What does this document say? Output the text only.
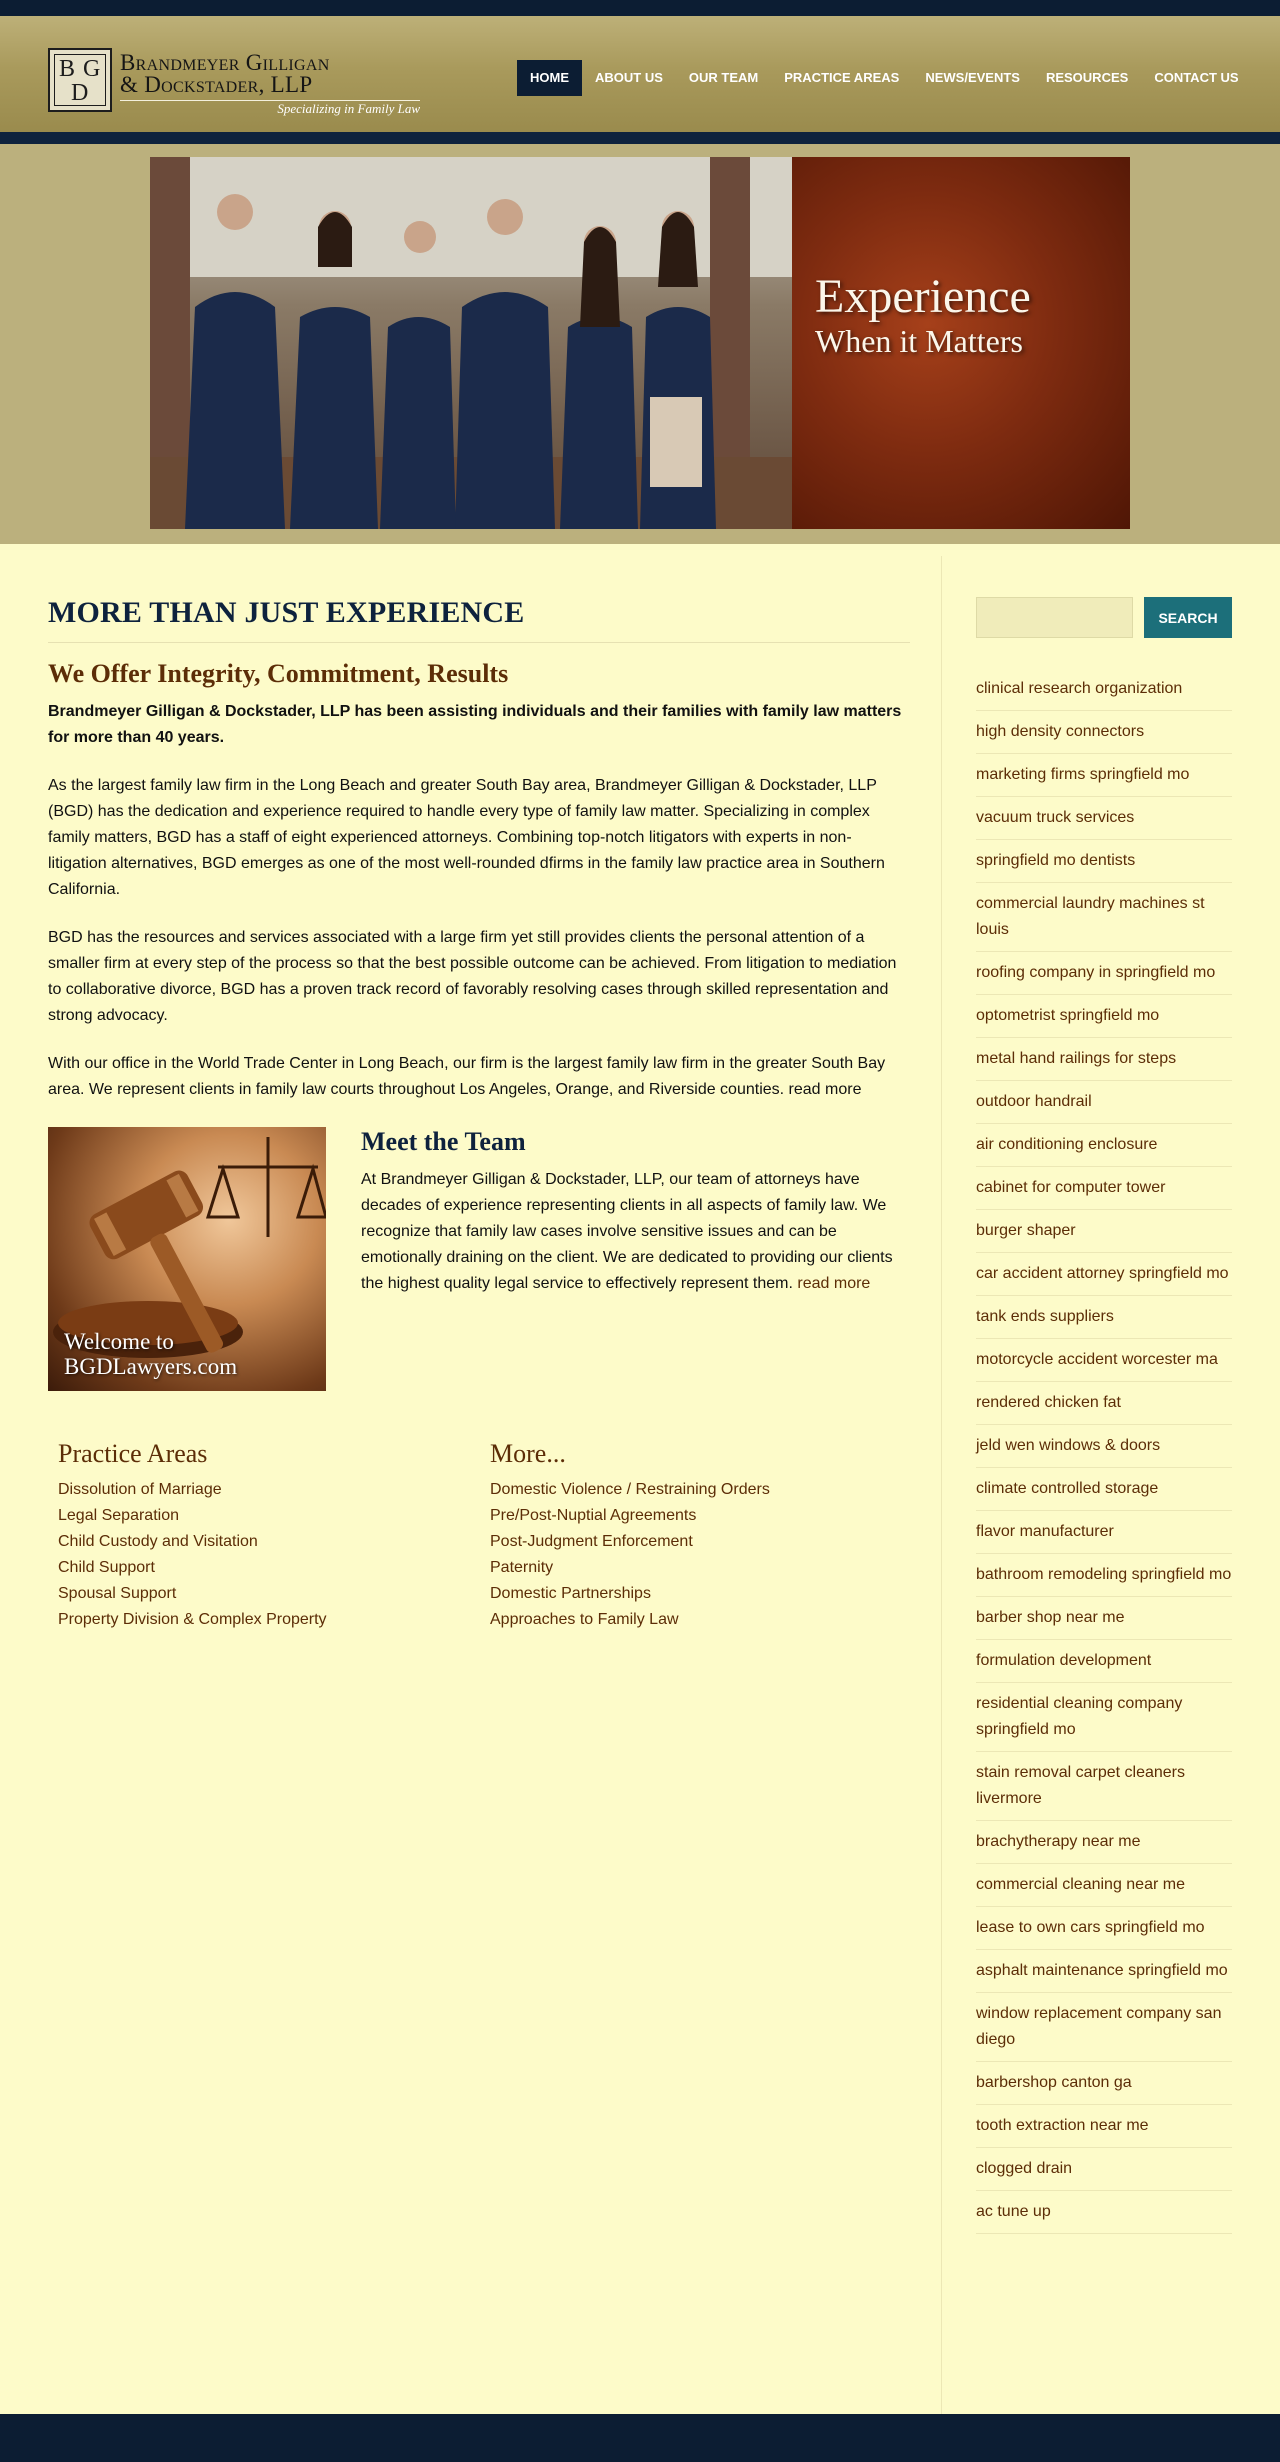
B G
D
Brandmeyer Gilligan
& Dockstader, LLP
Specializing in Family Law
HOME	ABOUT US	OUR TEAM	PRACTICE AREAS	NEWS/EVENTS	RESOURCES	CONTACT US
Experience
When it Matters
MORE THAN JUST EXPERIENCE
We Offer Integrity, Commitment, Results

Brandmeyer Gilligan & Dockstader, LLP has been assisting individuals and their families with family law matters for more than 40 years.

As the largest family law firm in the Long Beach and greater South Bay area, Brandmeyer Gilligan & Dockstader, LLP (BGD) has the dedication and experience required to handle every type of family law matter. Specializing in complex family matters, BGD has a staff of eight experienced attorneys. Combining top-notch litigators with experts in non-litigation alternatives, BGD emerges as one of the most well-rounded dfirms in the family law practice area in Southern California.

BGD has the resources and services associated with a large firm yet still provides clients the personal attention of a smaller firm at every step of the process so that the best possible outcome can be achieved. From litigation to mediation to collaborative divorce, BGD has a proven track record of favorably resolving cases through skilled representation and strong advocacy.

With our office in the World Trade Center in Long Beach, our firm is the largest family law firm in the greater South Bay area. We represent clients in family law courts throughout Los Angeles, Orange, and Riverside counties. read more

Welcome to
BGDLawyers.com
Meet the Team

At Brandmeyer Gilligan & Dockstader, LLP, our team of attorneys have decades of experience representing clients in all aspects of family law. We recognize that family law cases involve sensitive issues and can be emotionally draining on the client. We are dedicated to providing our clients the highest quality legal service to effectively represent them. read more

Practice Areas
Dissolution of Marriage
Legal Separation
Child Custody and Visitation
Child Support
Spousal Support
Property Division & Complex Property
More...
Domestic Violence / Restraining Orders
Pre/Post-Nuptial Agreements
Post-Judgment Enforcement
Paternity
Domestic Partnerships
Approaches to Family Law
SEARCH
clinical research organization
high density connectors
marketing firms springfield mo
vacuum truck services
springfield mo dentists
commercial laundry machines st louis
roofing company in springfield mo
optometrist springfield mo
metal hand railings for steps
outdoor handrail
air conditioning enclosure
cabinet for computer tower
burger shaper
car accident attorney springfield mo
tank ends suppliers
motorcycle accident worcester ma
rendered chicken fat
jeld wen windows & doors
climate controlled storage
flavor manufacturer
bathroom remodeling springfield mo
barber shop near me
formulation development
residential cleaning company springfield mo
stain removal carpet cleaners livermore
brachytherapy near me
commercial cleaning near me
lease to own cars springfield mo
asphalt maintenance springfield mo
window replacement company san diego
barbershop canton ga
tooth extraction near me
clogged drain
ac tune up
